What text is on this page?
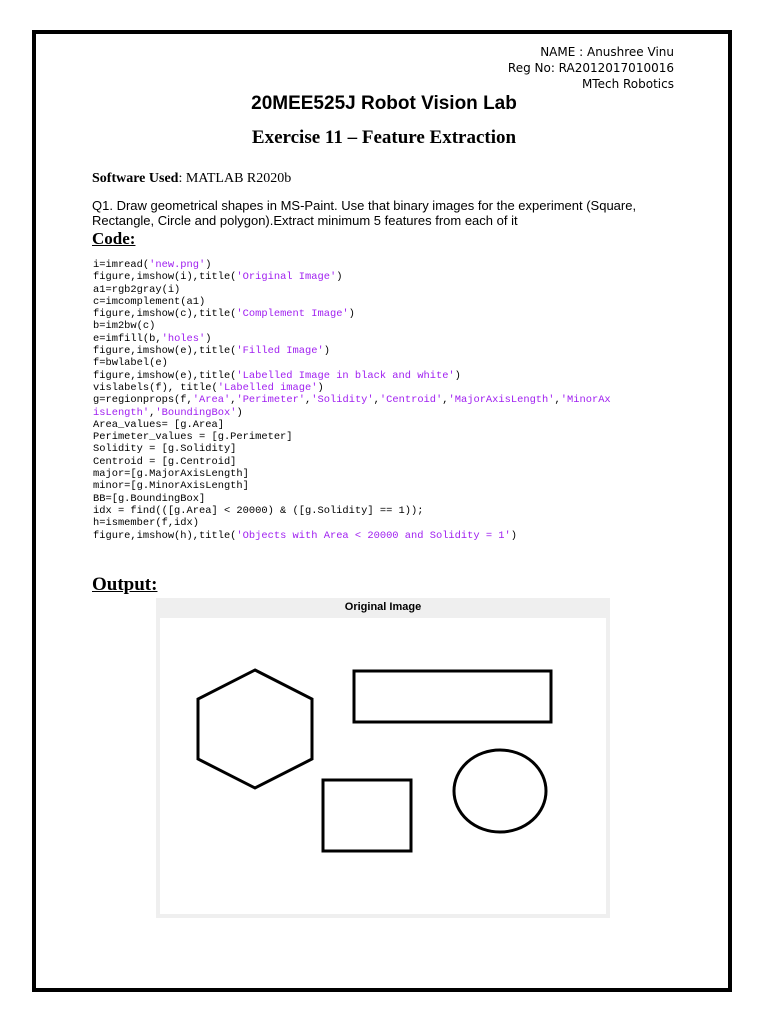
NAME : Anushree Vinu
Reg No: RA2012017010016
MTech Robotics
20MEE525J Robot Vision Lab
Exercise 11 – Feature Extraction
Software Used: MATLAB R2020b
Q1. Draw geometrical shapes in MS-Paint. Use that binary images for the experiment (Square, Rectangle, Circle and polygon).Extract minimum 5 features from each of it
Code:
i=imread('new.png')
figure,imshow(i),title('Original Image')
a1=rgb2gray(i)
c=imcomplement(a1)
figure,imshow(c),title('Complement Image')
b=im2bw(c)
e=imfill(b,'holes')
figure,imshow(e),title('Filled Image')
f=bwlabel(e)
figure,imshow(e),title('Labelled Image in black and white')
vislabels(f), title('Labelled image')
g=regionprops(f,'Area','Perimeter','Solidity','Centroid','MajorAxisLength','MinorAx
isLength','BoundingBox')
Area_values= [g.Area]
Perimeter_values = [g.Perimeter]
Solidity = [g.Solidity]
Centroid = [g.Centroid]
major=[g.MajorAxisLength]
minor=[g.MinorAxisLength]
BB=[g.BoundingBox]
idx = find(([g.Area] < 20000) & ([g.Solidity] == 1));
h=ismember(f,idx)
figure,imshow(h),title('Objects with Area < 20000 and Solidity = 1')
Output:
Original Image
